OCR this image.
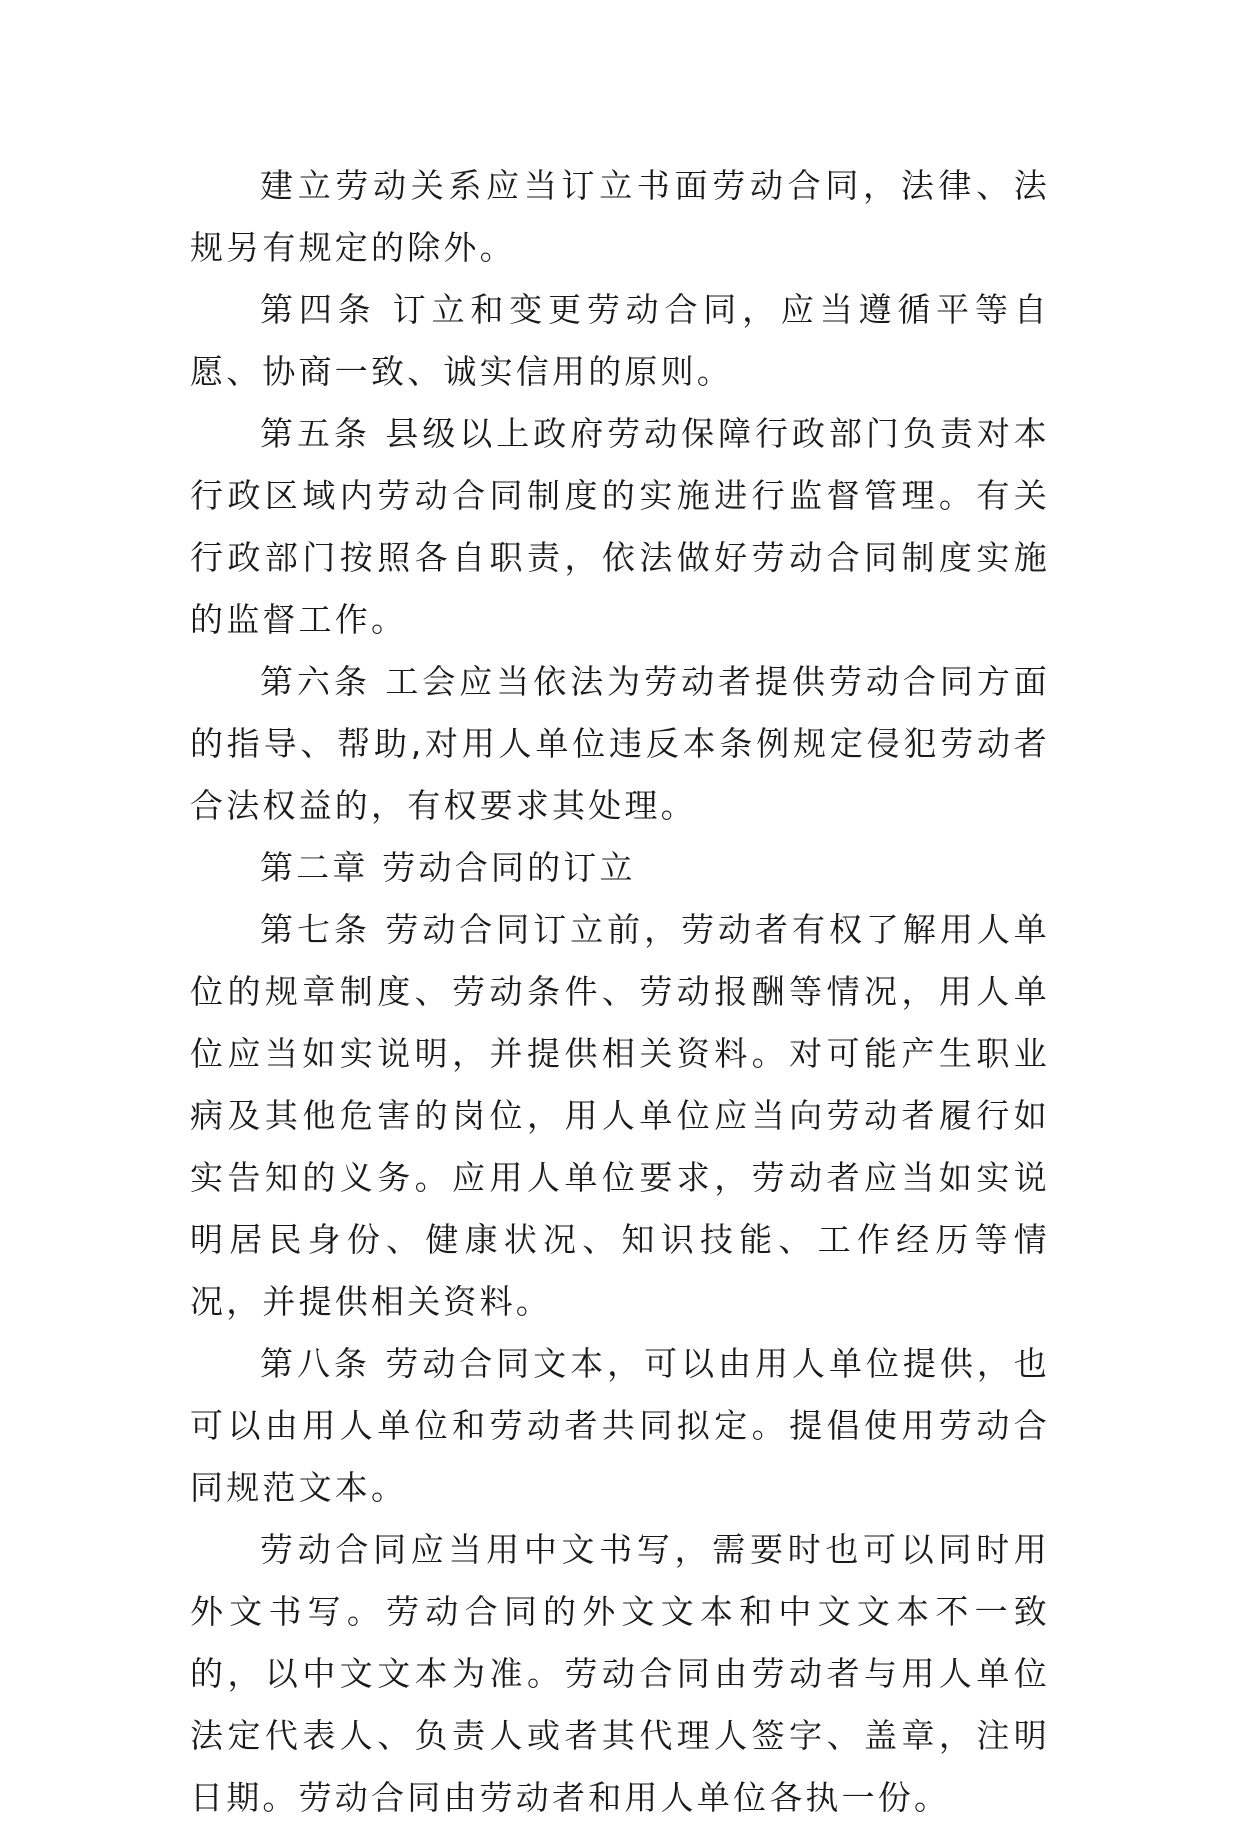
建立劳动关系应当订立书面劳动合同，法律、法规另有规定的除外。

第四条 订立和变更劳动合同，应当遵循平等自愿、协商一致、诚实信用的原则。

第五条 县级以上政府劳动保障行政部门负责对本行政区域内劳动合同制度的实施进行监督管理。有关行政部门按照各自职责，依法做好劳动合同制度实施的监督工作。

第六条 工会应当依法为劳动者提供劳动合同方面的指导、帮助,对用人单位违反本条例规定侵犯劳动者合法权益的，有权要求其处理。

第二章 劳动合同的订立

第七条 劳动合同订立前，劳动者有权了解用人单位的规章制度、劳动条件、劳动报酬等情况，用人单位应当如实说明，并提供相关资料。对可能产生职业病及其他危害的岗位，用人单位应当向劳动者履行如实告知的义务。应用人单位要求，劳动者应当如实说明居民身份、健康状况、知识技能、工作经历等情况，并提供相关资料。

第八条 劳动合同文本，可以由用人单位提供，也可以由用人单位和劳动者共同拟定。提倡使用劳动合同规范文本。

劳动合同应当用中文书写，需要时也可以同时用外文书写。劳动合同的外文文本和中文文本不一致的，以中文文本为准。劳动合同由劳动者与用人单位法定代表人、负责人或者其代理人签字、盖章，注明日期。劳动合同由劳动者和用人单位各执一份。
